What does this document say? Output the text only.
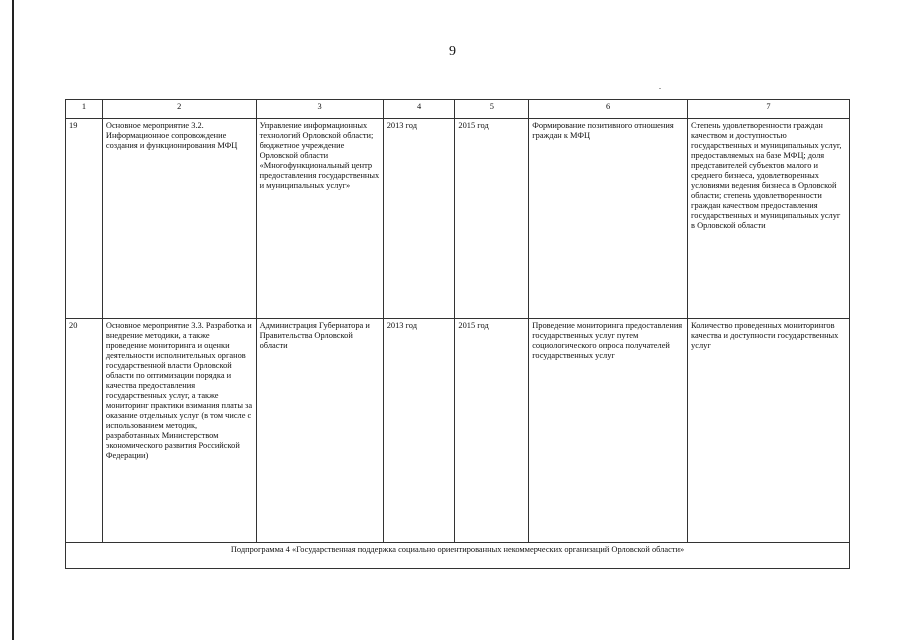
9
.
1	2	3	4	5	6	7
19	Основное мероприятие 3.2. Информационное сопровождение создания и функционирования МФЦ	Управление информационных технологий Орловской области; бюджетное учреждение Орловской области «Многофункциональный центр предоставления государственных и муниципальных услуг»	2013 год	2015 год	Формирование позитивного отношения граждан к МФЦ	Степень удовлетворенности граждан качеством и доступностью государственных и муниципальных услуг, предоставляемых на базе МФЦ; доля представителей субъектов малого и среднего бизнеса, удовлетворенных условиями ведения бизнеса в Орловской области; степень удовлетворенности граждан качеством предоставления государственных и муниципальных услуг в Орловской области
20	Основное мероприятие 3.3. Разработка и внедрение методики, а также проведение мониторинга и оценки деятельности исполнительных органов государственной власти Орловской области по оптимизации порядка и качества предоставления государственных услуг, а также мониторинг практики взимания платы за оказание отдельных услуг (в том числе с использованием методик, разработанных Министерством экономического развития Российской Федерации)	Администрация Губернатора и Правительства Орловской области	2013 год	2015 год	Проведение мониторинга предоставления государственных услуг путем социологического опроса получателей государственных услуг	Количество проведенных мониторингов качества и доступности государственных услуг
Подпрограмма 4 «Государственная поддержка социально ориентированных некоммерческих организаций Орловской области»						
